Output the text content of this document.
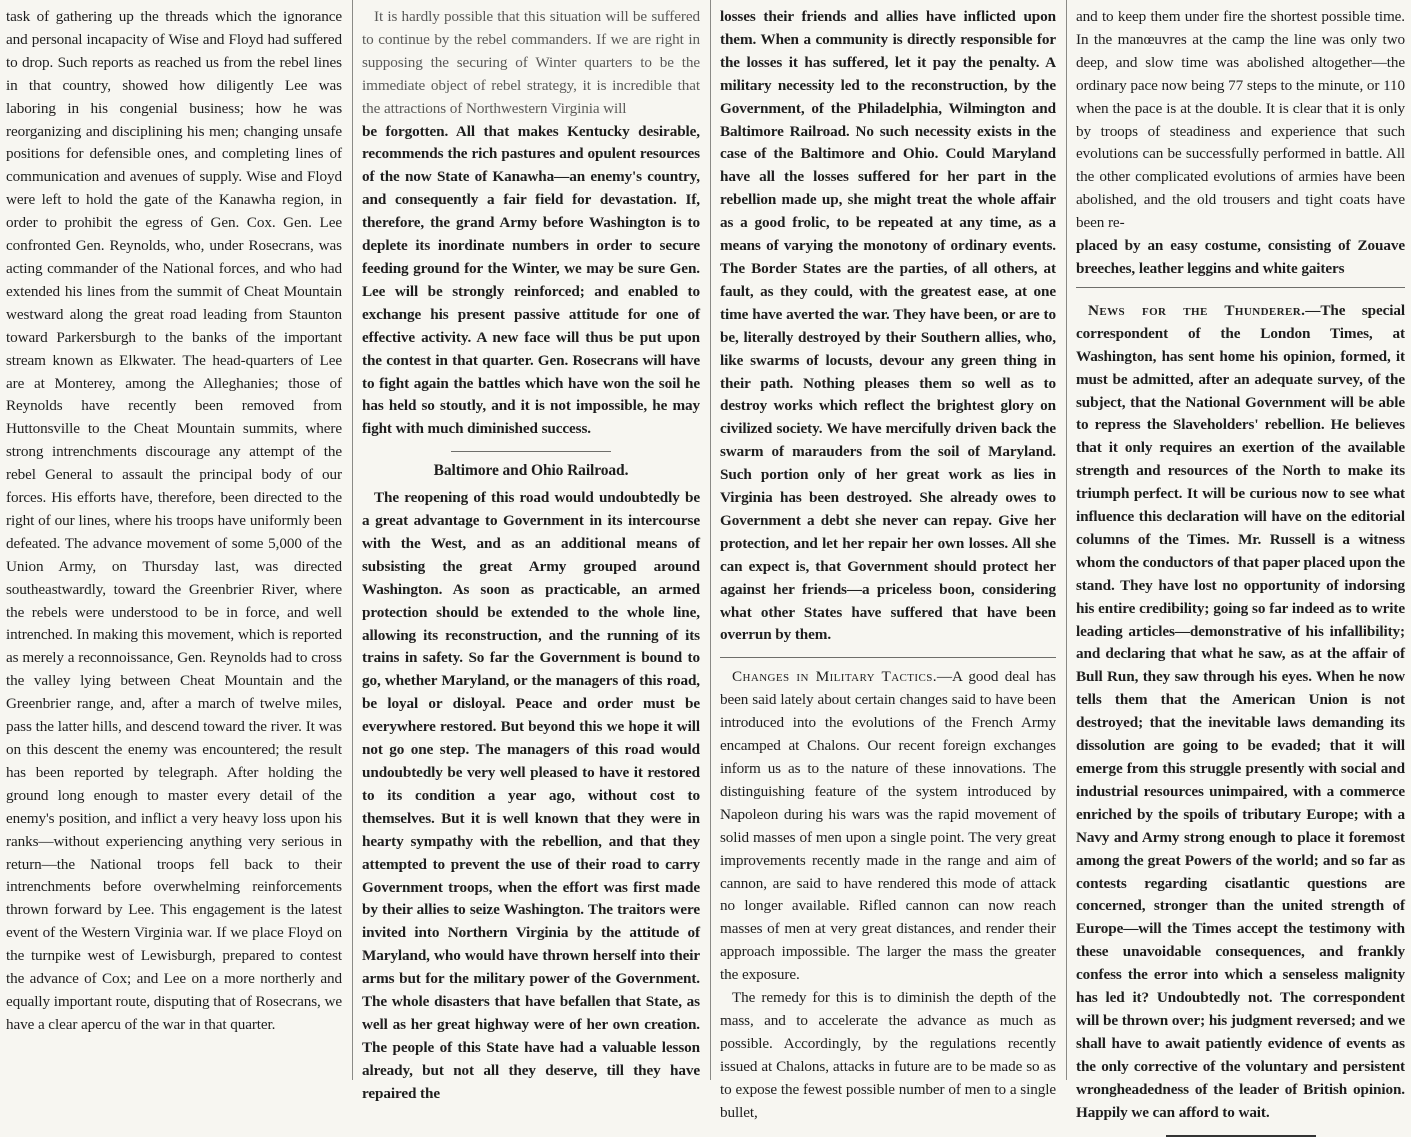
task of gathering up the threads which the ignorance and personal incapacity of Wise and Floyd had suffered to drop. Such reports as reached us from the rebel lines in that country, showed how diligently Lee was laboring in his congenial business; how he was reorganizing and disciplining his men; changing unsafe positions for defensible ones, and completing lines of communication and avenues of supply. Wise and Floyd were left to hold the gate of the Kanawha region, in order to prohibit the egress of Gen. Cox. Gen. Lee confronted Gen. Reynolds, who, under Rosecrans, was acting commander of the National forces, and who had extended his lines from the summit of Cheat Mountain westward along the great road leading from Staunton toward Parkersburgh to the banks of the important stream known as Elkwater. The head-quarters of Lee are at Monterey, among the Alleghanies; those of Reynolds have recently been removed from Huttonsville to the Cheat Mountain summits, where strong intrenchments discourage any attempt of the rebel General to assault the principal body of our forces. His efforts have, therefore, been directed to the right of our lines, where his troops have uniformly been defeated. The advance movement of some 5,000 of the Union Army, on Thursday last, was directed southeastwardly, toward the Greenbrier River, where the rebels were understood to be in force, and well intrenched. In making this movement, which is reported as merely a reconnoissance, Gen. Reynolds had to cross the valley lying between Cheat Mountain and the Greenbrier range, and, after a march of twelve miles, pass the latter hills, and descend toward the river. It was on this descent the enemy was encountered; the result has been reported by telegraph. After holding the ground long enough to master every detail of the enemy's position, and inflict a very heavy loss upon his ranks—without experiencing anything very serious in return—the National troops fell back to their intrenchments before overwhelming reinforcements thrown forward by Lee. This engagement is the latest event of the Western Virginia war. If we place Floyd on the turnpike west of Lewisburgh, prepared to contest the advance of Cox; and Lee on a more northerly and equally important route, disputing that of Rosecrans, we have a clear apercu of the war in that quarter.

It is hardly possible that this situation will be suffered to continue by the rebel commanders. If we are right in supposing the securing of Winter quarters to be the immediate object of rebel strategy, it is incredible that the attractions of Northwestern Virginia will

be forgotten. All that makes Kentucky desirable, recommends the rich pastures and opulent resources of the now State of Kanawha—an enemy's country, and consequently a fair field for devastation. If, therefore, the grand Army before Washington is to deplete its inordinate numbers in order to secure feeding ground for the Winter, we may be sure Gen. Lee will be strongly reinforced; and enabled to exchange his present passive attitude for one of effective activity. A new face will thus be put upon the contest in that quarter. Gen. Rosecrans will have to fight again the battles which have won the soil he has held so stoutly, and it is not impossible, he may fight with much diminished success.

Baltimore and Ohio Railroad.

The reopening of this road would undoubtedly be a great advantage to Government in its intercourse with the West, and as an additional means of subsisting the great Army grouped around Washington. As soon as practicable, an armed protection should be extended to the whole line, allowing its reconstruction, and the running of its trains in safety. So far the Government is bound to go, whether Maryland, or the managers of this road, be loyal or disloyal. Peace and order must be everywhere restored. But beyond this we hope it will not go one step. The managers of this road would undoubtedly be very well pleased to have it restored to its condition a year ago, without cost to themselves. But it is well known that they were in hearty sympathy with the rebellion, and that they attempted to prevent the use of their road to carry Government troops, when the effort was first made by their allies to seize Washington. The traitors were invited into Northern Virginia by the attitude of Maryland, who would have thrown herself into their arms but for the military power of the Government. The whole disasters that have befallen that State, as well as her great highway were of her own creation. The people of this State have had a valuable lesson already, but not all they deserve, till they have repaired the

losses their friends and allies have inflicted upon them. When a community is directly responsible for the losses it has suffered, let it pay the penalty. A military necessity led to the reconstruction, by the Government, of the Philadelphia, Wilmington and Baltimore Railroad. No such necessity exists in the case of the Baltimore and Ohio. Could Maryland have all the losses suffered for her part in the rebellion made up, she might treat the whole affair as a good frolic, to be repeated at any time, as a means of varying the monotony of ordinary events. The Border States are the parties, of all others, at fault, as they could, with the greatest ease, at one time have averted the war. They have been, or are to be, literally destroyed by their Southern allies, who, like swarms of locusts, devour any green thing in their path. Nothing pleases them so well as to destroy works which reflect the brightest glory on civilized society. We have mercifully driven back the swarm of marauders from the soil of Maryland. Such portion only of her great work as lies in Virginia has been destroyed. She already owes to Government a debt she never can repay. Give her protection, and let her repair her own losses. All she can expect is, that Government should protect her against her friends—a priceless boon, considering what other States have suffered that have been overrun by them.

Changes in Military Tactics.—A good deal has been said lately about certain changes said to have been introduced into the evolutions of the French Army encamped at Chalons. Our recent foreign exchanges inform us as to the nature of these innovations. The distinguishing feature of the system introduced by Napoleon during his wars was the rapid movement of solid masses of men upon a single point. The very great improvements recently made in the range and aim of cannon, are said to have rendered this mode of attack no longer available. Rifled cannon can now reach masses of men at very great distances, and render their approach impossible. The larger the mass the greater the exposure.

The remedy for this is to diminish the depth of the mass, and to accelerate the advance as much as possible. Accordingly, by the regulations recently issued at Chalons, attacks in future are to be made so as to expose the fewest possible number of men to a single bullet,

and to keep them under fire the shortest possible time. In the manœuvres at the camp the line was only two deep, and slow time was abolished altogether—the ordinary pace now being 77 steps to the minute, or 110 when the pace is at the double. It is clear that it is only by troops of steadiness and experience that such evolutions can be successfully performed in battle. All the other complicated evolutions of armies have been abolished, and the old trousers and tight coats have been re-

placed by an easy costume, consisting of Zouave breeches, leather leggins and white gaiters

News for the Thunderer.—The special correspondent of the London Times, at Washington, has sent home his opinion, formed, it must be admitted, after an adequate survey, of the subject, that the National Government will be able to repress the Slaveholders' rebellion. He believes that it only requires an exertion of the available strength and resources of the North to make its triumph perfect. It will be curious now to see what influence this declaration will have on the editorial columns of the Times. Mr. Russell is a witness whom the conductors of that paper placed upon the stand. They have lost no opportunity of indorsing his entire credibility; going so far indeed as to write leading articles—demonstrative of his infallibility; and declaring that what he saw, as at the affair of Bull Run, they saw through his eyes. When he now tells them that the American Union is not destroyed; that the inevitable laws demanding its dissolution are going to be evaded; that it will emerge from this struggle presently with social and industrial resources unimpaired, with a commerce enriched by the spoils of tributary Europe; with a Navy and Army strong enough to place it foremost among the great Powers of the world; and so far as contests regarding cisatlantic questions are concerned, stronger than the united strength of Europe—will the Times accept the testimony with these unavoidable consequences, and frankly confess the error into which a senseless malignity has led it? Undoubtedly not. The correspondent will be thrown over; his judgment reversed; and we shall have to await patiently evidence of events as the only corrective of the voluntary and persistent wrongheadedness of the leader of British opinion. Happily we can afford to wait.
